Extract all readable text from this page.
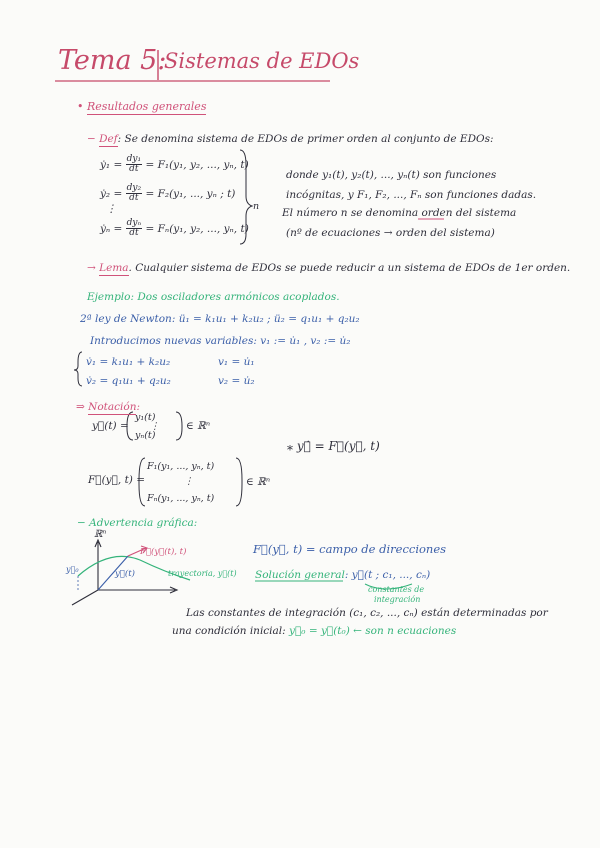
Tema 5:
Sistemas de EDOs
• Resultados generales
− Def: Se denomina sistema de EDOs de primer orden al conjunto de EDOs:
ẏ₁ = $\frac{\text{dy₁}}{dt} = F_1(y_1$, y₂, ..., yₙ, t)
ẏ₂ = $\frac{\text{dy₂}}{dt} = F_2(y_1$, ..., yₙ ; t)
⋮
ẏₙ = $\frac{\text{dyₙ}}{dt} = F_n(y_1$, y₂, ..., yₙ, t)
n
donde y₁(t), y₂(t), ..., yₙ(t) son funciones
incógnitas, y F₁, F₂, ..., Fₙ son funciones dadas.
El número n se denomina orden del sistema
(nº de ecuaciones → orden del sistema)
→ Lema. Cualquier sistema de EDOs se puede reducir a un sistema de EDOs de 1er orden.
Ejemplo: Dos osciladores armónicos acoplados.
2ª ley de Newton: ü₁ = k₁u₁ + k₂u₂ ; ü₂ = q₁u₁ + q₂u₂
Introducimos nuevas variables: v₁ := u̇₁ , v₂ := u̇₂
v̇₁ = k₁u₁ + k₂u₂	v₁ = u̇₁
v̇₂ = q₁u₁ + q₂u₂	v₂ = u̇₂
⇒ Notación:
y⃗(t) =
y₁(t)
⋮
yₙ(t)
∈ ℝⁿ
⁎ y⃗̇ = F⃗(y⃗, t)
F⃗(y⃗, t) =
F₁(y₁, ..., yₙ, t)
⋮
Fₙ(y₁, ..., yₙ, t)
∈ ℝⁿ
− Advertencia gráfica:
ℝⁿ
F⃗(y⃗(t), t)
y⃗(t)	trayectoria, y⃗(t)
y⃗₀
F⃗(y⃗, t) = campo de direcciones
Solución general: y⃗(t ; c₁, ..., cₙ)
constantes de
integración
Las constantes de integración (c₁, c₂, ..., cₙ) están determinadas por
una condición inicial: y⃗₀ = y⃗(t₀) ← son n ecuaciones
